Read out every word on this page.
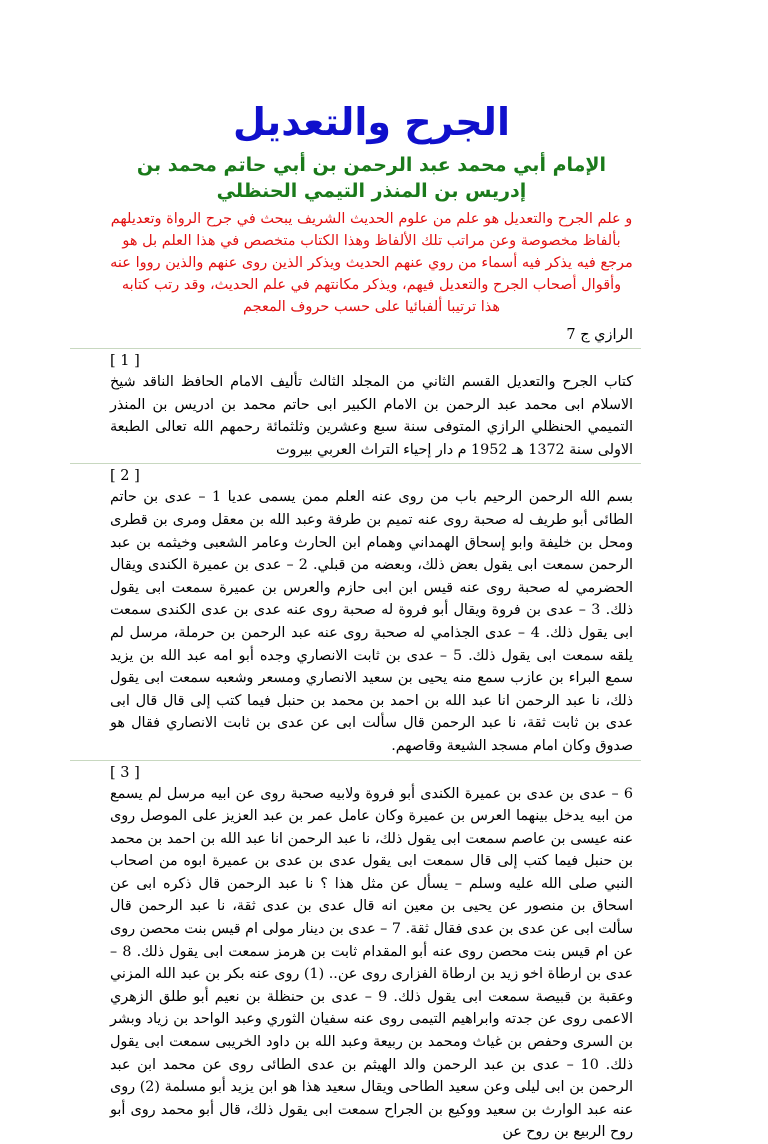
الجرح والتعديل
الإمام أبي محمد عبد الرحمن بن أبي حاتم محمد بن إدريس بن المنذر التيمي الحنظلي

و علم الجرح والتعديل هو علم من علوم الحديث الشريف يبحث في جرح الرواة وتعديلهم بألفاظ مخصوصة وعن مراتب تلك الألفاظ وهذا الكتاب متخصص في هذا العلم بل هو مرجع فيه يذكر فيه أسماء من روي عنهم الحديث ويذكر الذين روى عنهم والذين رووا عنه وأقوال أصحاب الجرح والتعديل فيهم، ويذكر مكانتهم في علم الحديث، وقد رتب كتابه هذا ترتيبا ألفبائيا على حسب حروف المعجم

الرازي ج 7
[ 1 ]

كتاب الجرح والتعديل القسم الثاني من المجلد الثالث تأليف الامام الحافظ الناقد شيخ الاسلام ابى محمد عبد الرحمن بن الامام الكبير ابى حاتم محمد بن ادريس بن المنذر التميمي الحنظلي الرازي المتوفى سنة سبع وعشرين وثلثمائة رحمهم الله تعالى الطبعة الاولى سنة 1372 هـ 1952 م دار إحياء التراث العربي بيروت

[ 2 ]

بسم الله الرحمن الرحيم باب من روى عنه العلم ممن يسمى عديا 1 – عدى بن حاتم الطائى أبو طريف له صحبة روى عنه تميم بن طرفة وعبد الله بن معقل ومرى بن قطرى ومحل بن خليفة وابو إسحاق الهمداني وهمام ابن الحارث وعامر الشعبى وخيثمه بن عبد الرحمن سمعت ابى يقول بعض ذلك، وبعضه من قبلي. 2 – عدى بن عميرة الكندى ويقال الحضرمي له صحبة روى عنه قيس ابن ابى حازم والعرس بن عميرة سمعت ابى يقول ذلك. 3 – عدى بن فروة ويقال أبو فروة له صحبة روى عنه عدى بن عدى الكندى سمعت ابى يقول ذلك. 4 – عدى الجذامي له صحبة روى عنه عبد الرحمن بن حرملة، مرسل لم يلقه سمعت ابى يقول ذلك. 5 – عدى بن ثابت الانصاري وجده أبو امه عبد الله بن يزيد سمع البراء بن عازب سمع منه يحيى بن سعيد الانصاري ومسعر وشعبه سمعت ابى يقول ذلك، نا عبد الرحمن انا عبد الله بن احمد بن محمد بن حنبل فيما كتب إلى قال قال ابى عدى بن ثابت ثقة، نا عبد الرحمن قال سألت ابى عن عدى بن ثابت الانصاري فقال هو صدوق وكان امام مسجد الشيعة وقاصهم.

[ 3 ]

6 – عدى بن عدى بن عميرة الكندى أبو فروة ولابيه صحبة روى عن ابيه مرسل لم يسمع من ابيه يدخل بينهما العرس بن عميرة وكان عامل عمر بن عبد العزيز على الموصل روى عنه عيسى بن عاصم سمعت ابى يقول ذلك، نا عبد الرحمن انا عبد الله بن احمد بن محمد بن حنبل فيما كتب إلى قال سمعت ابى يقول عدى بن عدى بن عميرة ابوه من اصحاب النبي صلى الله عليه وسلم – يسأل عن مثل هذا ؟ نا عبد الرحمن قال ذكره ابى عن اسحاق بن منصور عن يحيى بن معين انه قال عدى بن عدى ثقة، نا عبد الرحمن قال سألت ابى عن عدى بن عدى فقال ثقة. 7 – عدى بن دينار مولى ام قيس بنت محصن روى عن ام قيس بنت محصن روى عنه أبو المقدام ثابت بن هرمز سمعت ابى يقول ذلك. 8 – عدى بن ارطاة اخو زيد بن ارطاة الفزارى روى عن.. (1) روى عنه بكر بن عبد الله المزني وعقبة بن قبيصة سمعت ابى يقول ذلك. 9 – عدى بن حنظلة بن نعيم أبو طلق الزهري الاعمى روى عن جدته وابراهيم التيمى روى عنه سفيان الثوري وعبد الواحد بن زياد وبشر بن السرى وحفص بن غياث ومحمد بن ربيعة وعبد الله بن داود الخريبى سمعت ابى يقول ذلك. 10 – عدى بن عبد الرحمن والد الهيثم بن عدى الطائى روى عن محمد ابن عبد الرحمن بن ابى ليلى وعن سعيد الطاحى ويقال سعيد هذا هو ابن يزيد أبو مسلمة (2) روى عنه عبد الوارث بن سعيد ووكيع بن الجراح سمعت ابى يقول ذلك، قال أبو محمد روى أبو روح الربيع بن روح عن
